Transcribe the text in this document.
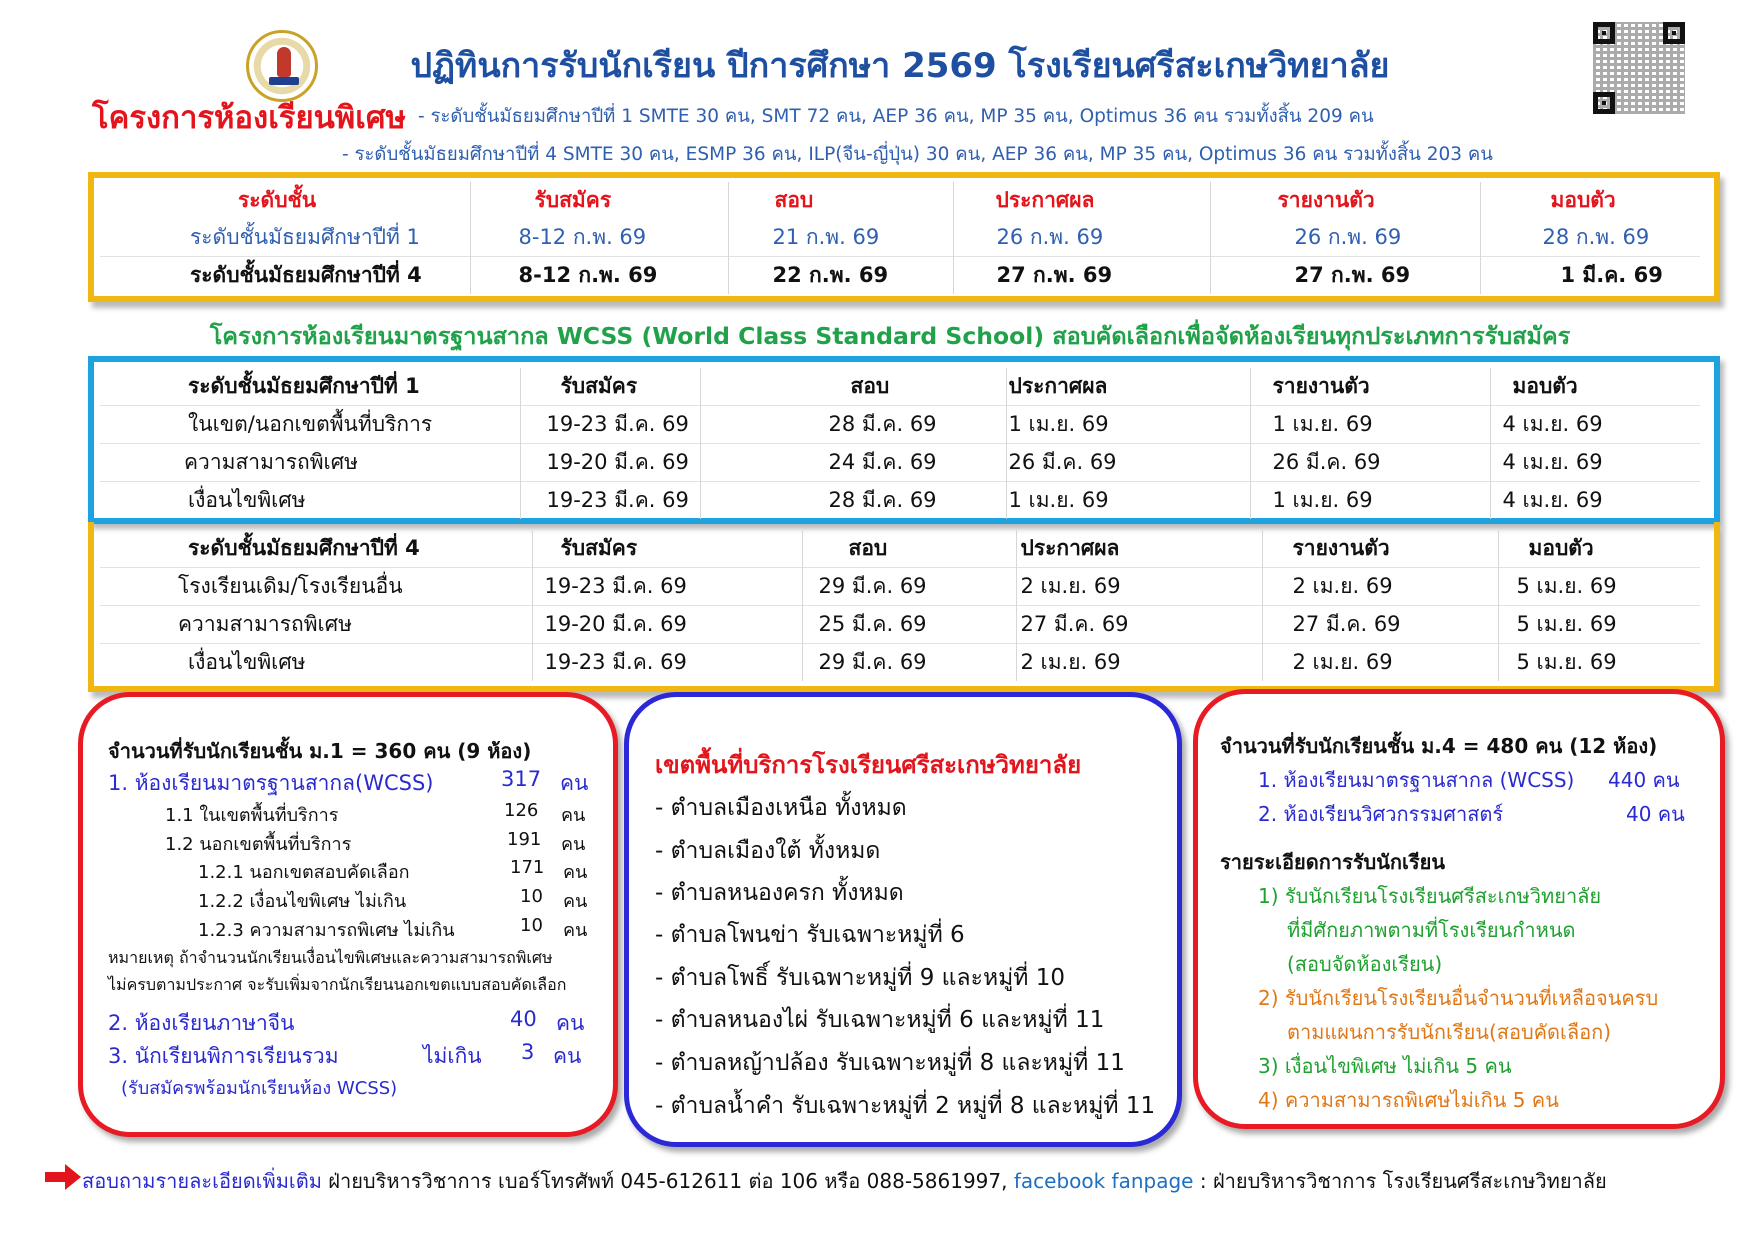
ปฏิทินการรับนักเรียน ปีการศึกษา 2569 โรงเรียนศรีสะเกษวิทยาลัย
โครงการห้องเรียนพิเศษ - ระดับชั้นมัธยมศึกษาปีที่ 1 SMTE 30 คน, SMT 72 คน, AEP 36 คน, MP 35 คน, Optimus 36 คน รวมทั้งสิ้น 209 คน
- ระดับชั้นมัธยมศึกษาปีที่ 4 SMTE 30 คน, ESMP 36 คน, ILP(จีน-ญี่ปุ่น) 30 คน, AEP 36 คน, MP 35 คน, Optimus 36 คน รวมทั้งสิ้น 203 คน
ระดับชั้น	รับสมัคร	สอบ	ประกาศผล	รายงานตัว	มอบตัว
ระดับชั้นมัธยมศึกษาปีที่ 1	8-12 ก.พ. 69	21 ก.พ. 69	26 ก.พ. 69	26 ก.พ. 69	28 ก.พ. 69
ระดับชั้นมัธยมศึกษาปีที่ 4	8-12 ก.พ. 69	22 ก.พ. 69	27 ก.พ. 69	27 ก.พ. 69	1 มี.ค. 69
โครงการห้องเรียนมาตรฐานสากล WCSS (World Class Standard School) สอบคัดเลือกเพื่อจัดห้องเรียนทุกประเภทการรับสมัคร
ระดับชั้นมัธยมศึกษาปีที่ 1	รับสมัคร	สอบ	ประกาศผล	รายงานตัว	มอบตัว
ในเขต/นอกเขตพื้นที่บริการ	19-23 มี.ค. 69	28 มี.ค. 69	1 เม.ย. 69	1 เม.ย. 69	4 เม.ย. 69
ความสามารถพิเศษ	19-20 มี.ค. 69	24 มี.ค. 69	26 มี.ค. 69	26 มี.ค. 69	4 เม.ย. 69
เงื่อนไขพิเศษ	19-23 มี.ค. 69	28 มี.ค. 69	1 เม.ย. 69	1 เม.ย. 69	4 เม.ย. 69
ระดับชั้นมัธยมศึกษาปีที่ 4	รับสมัคร	สอบ	ประกาศผล	รายงานตัว	มอบตัว
โรงเรียนเดิม/โรงเรียนอื่น	19-23 มี.ค. 69	29 มี.ค. 69	2 เม.ย. 69	2 เม.ย. 69	5 เม.ย. 69
ความสามารถพิเศษ	19-20 มี.ค. 69	25 มี.ค. 69	27 มี.ค. 69	27 มี.ค. 69	5 เม.ย. 69
เงื่อนไขพิเศษ	19-23 มี.ค. 69	29 มี.ค. 69	2 เม.ย. 69	2 เม.ย. 69	5 เม.ย. 69
จำนวนที่รับนักเรียนชั้น ม.1 = 360 คน (9 ห้อง)
1. ห้องเรียนมาตรฐานสากล(WCSS)	317 คน
1.1 ในเขตพื้นที่บริการ	126 คน
1.2 นอกเขตพื้นที่บริการ	191 คน
1.2.1 นอกเขตสอบคัดเลือก	171 คน
1.2.2 เงื่อนไขพิเศษ ไม่เกิน	10 คน
1.2.3 ความสามารถพิเศษ ไม่เกิน	10 คน
หมายเหตุ ถ้าจำนวนนักเรียนเงื่อนไขพิเศษและความสามารถพิเศษ
ไม่ครบตามประกาศ จะรับเพิ่มจากนักเรียนนอกเขตแบบสอบคัดเลือก
2. ห้องเรียนภาษาจีน	40 คน
3. นักเรียนพิการเรียนรวม	ไม่เกิน 3 คน
(รับสมัครพร้อมนักเรียนห้อง WCSS)
เขตพื้นที่บริการโรงเรียนศรีสะเกษวิทยาลัย
- ตำบลเมืองเหนือ ทั้งหมด
- ตำบลเมืองใต้ ทั้งหมด
- ตำบลหนองครก ทั้งหมด
- ตำบลโพนข่า รับเฉพาะหมู่ที่ 6
- ตำบลโพธิ์ รับเฉพาะหมู่ที่ 9 และหมู่ที่ 10
- ตำบลหนองไผ่ รับเฉพาะหมู่ที่ 6 และหมู่ที่ 11
- ตำบลหญ้าปล้อง รับเฉพาะหมู่ที่ 8 และหมู่ที่ 11
- ตำบลน้ำคำ รับเฉพาะหมู่ที่ 2 หมู่ที่ 8 และหมู่ที่ 11
จำนวนที่รับนักเรียนชั้น ม.4 = 480 คน (12 ห้อง)
1. ห้องเรียนมาตรฐานสากล (WCSS) 440 คน
2. ห้องเรียนวิศวกรรมศาสตร์	40 คน
รายระเอียดการรับนักเรียน
1) รับนักเรียนโรงเรียนศรีสะเกษวิทยาลัย
ที่มีศักยภาพตามที่โรงเรียนกำหนด
(สอบจัดห้องเรียน)
2) รับนักเรียนโรงเรียนอื่นจำนวนที่เหลือจนครบ
ตามแผนการรับนักเรียน(สอบคัดเลือก)
3) เงื่อนไขพิเศษ ไม่เกิน 5 คน
4) ความสามารถพิเศษไม่เกิน 5 คน
สอบถามรายละเอียดเพิ่มเติม ฝ่ายบริหารวิชาการ เบอร์โทรศัพท์ 045-612611 ต่อ 106 หรือ 088-5861997, facebook fanpage : ฝ่ายบริหารวิชาการ โรงเรียนศรีสะเกษวิทยาลัย
